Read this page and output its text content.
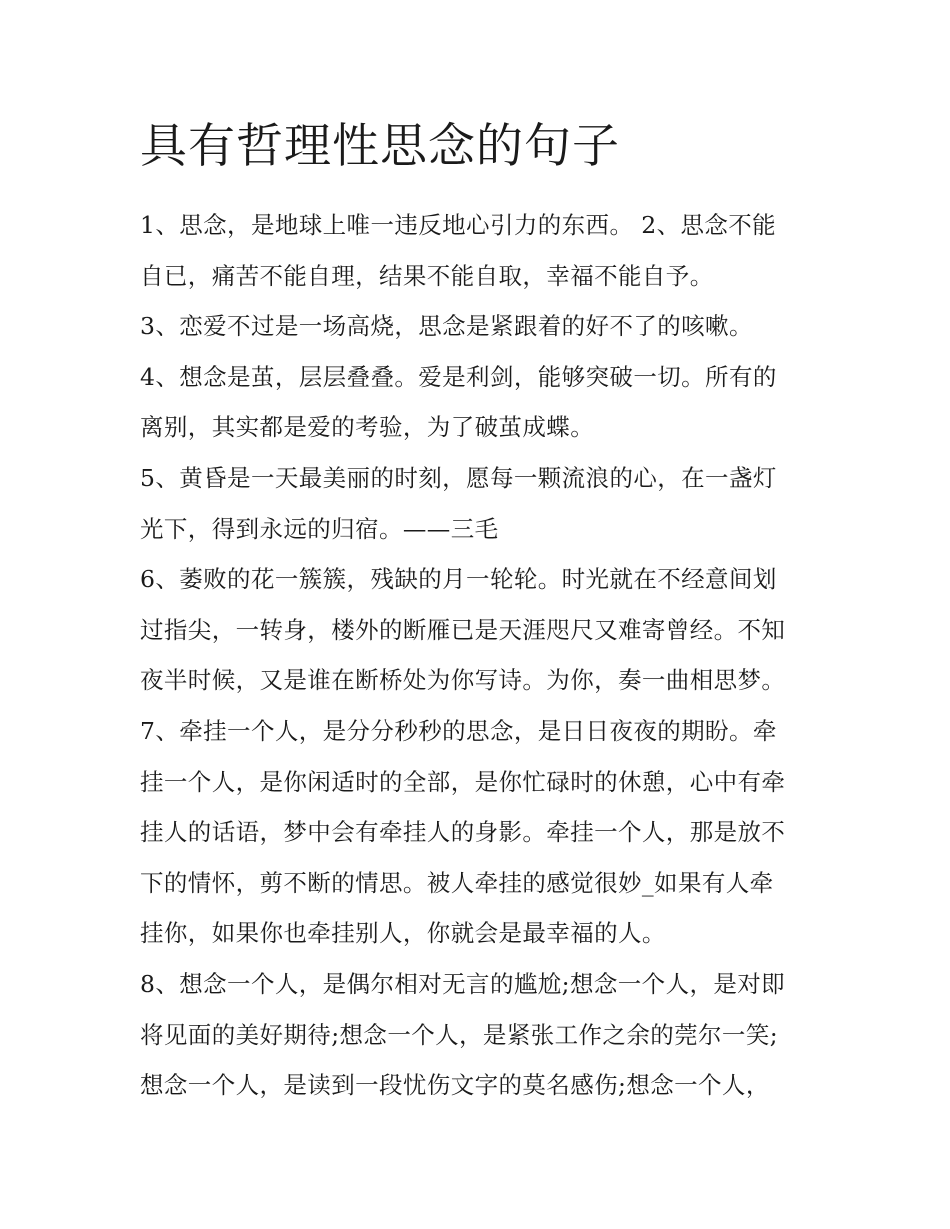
具有哲理性思念的句子
1、思念，是地球上唯一违反地心引力的东西。 2、思念不能
自已，痛苦不能自理，结果不能自取，幸福不能自予。
3、恋爱不过是一场高烧，思念是紧跟着的好不了的咳嗽。
4、想念是茧，层层叠叠。爱是利剑，能够突破一切。所有的
离别，其实都是爱的考验，为了破茧成蝶。
5、黄昏是一天最美丽的时刻，愿每一颗流浪的心，在一盏灯
光下，得到永远的归宿。——三毛
6、萎败的花一簇簇，残缺的月一轮轮。时光就在不经意间划
过指尖，一转身，楼外的断雁已是天涯咫尺又难寄曾经。不知
夜半时候，又是谁在断桥处为你写诗。为你，奏一曲相思梦。
7、牵挂一个人，是分分秒秒的思念，是日日夜夜的期盼。牵
挂一个人，是你闲适时的全部，是你忙碌时的休憩，心中有牵
挂人的话语，梦中会有牵挂人的身影。牵挂一个人，那是放不
下的情怀，剪不断的情思。被人牵挂的感觉很妙_如果有人牵
挂你，如果你也牵挂别人，你就会是最幸福的人。
8、想念一个人，是偶尔相对无言的尴尬;想念一个人，是对即
将见面的美好期待;想念一个人，是紧张工作之余的莞尔一笑;
想念一个人，是读到一段忧伤文字的莫名感伤;想念一个人，
